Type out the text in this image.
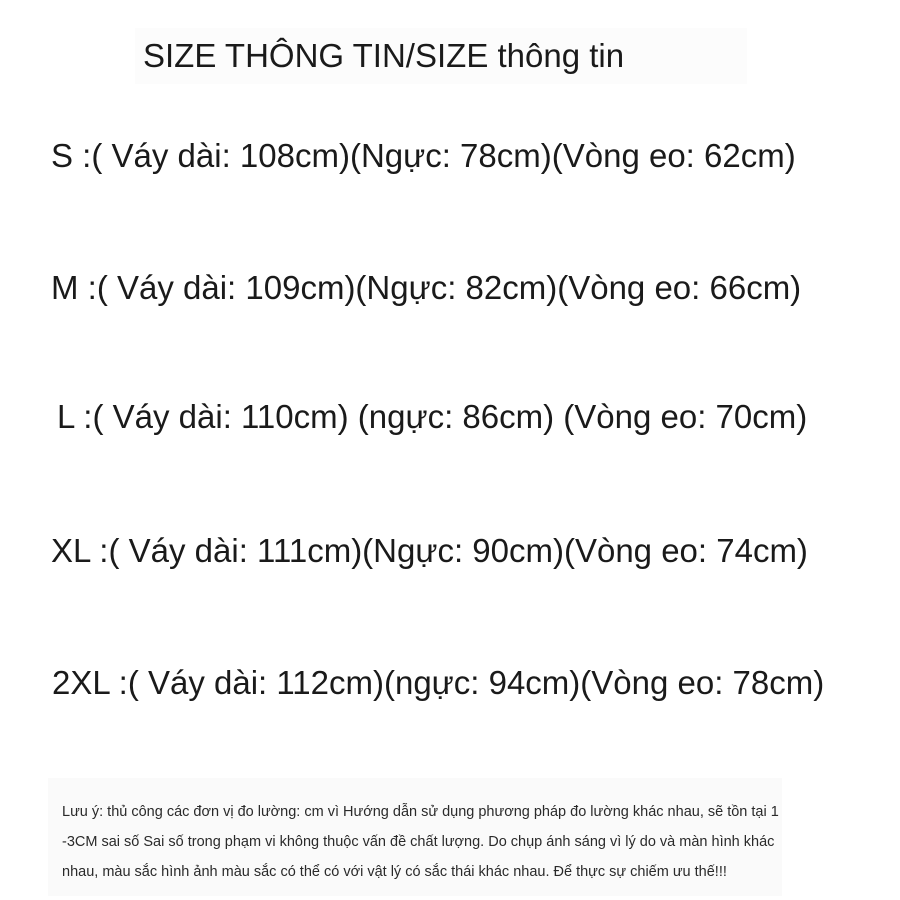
SIZE THÔNG TIN/SIZE thông tin
S :( Váy dài: 108cm)(Ngực: 78cm)(Vòng eo: 62cm)
M :( Váy dài: 109cm)(Ngực: 82cm)(Vòng eo: 66cm)
L :( Váy dài: 110cm) (ngực: 86cm) (Vòng eo: 70cm)
XL :( Váy dài: 111cm)(Ngực: 90cm)(Vòng eo: 74cm)
2XL :( Váy dài: 112cm)(ngực: 94cm)(Vòng eo: 78cm)
Lưu ý: thủ công các đơn vị đo lường: cm vì Hướng dẫn sử dụng phương pháp đo lường khác nhau, sẽ tồn tại 1
-3CM sai số Sai số trong phạm vi không thuộc vấn đề chất lượng. Do chụp ánh sáng vì lý do và màn hình khác
nhau, màu sắc hình ảnh màu sắc có thể có với vật lý có sắc thái khác nhau. Để thực sự chiếm ưu thế!!!
